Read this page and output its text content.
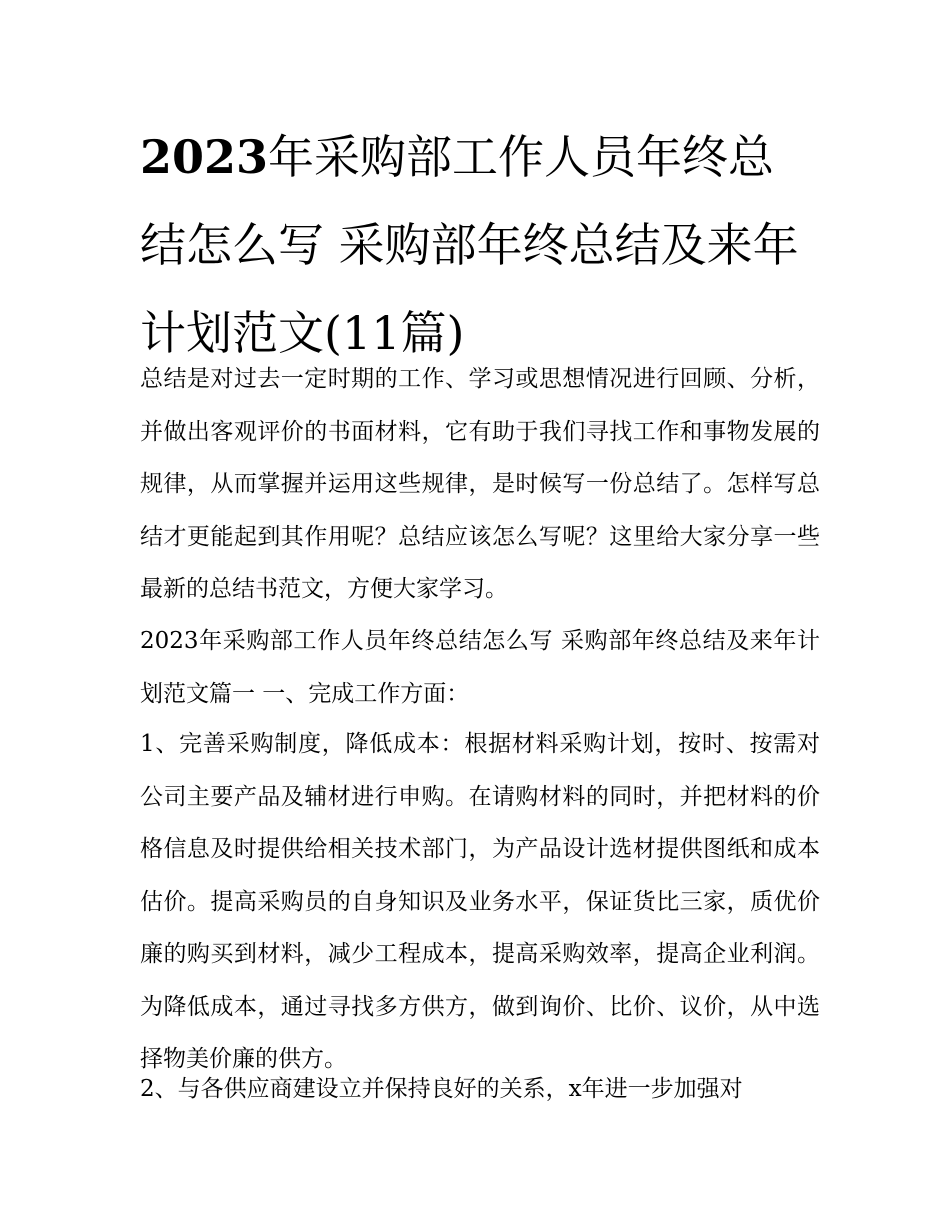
2023年采购部工作人员年终总结怎么写 采购部年终总结及来年计划范文(11篇)

总结是对过去一定时期的工作、学习或思想情况进行回顾、分析，并做出客观评价的书面材料，它有助于我们寻找工作和事物发展的规律，从而掌握并运用这些规律，是时候写一份总结了。怎样写总结才更能起到其作用呢？总结应该怎么写呢？这里给大家分享一些最新的总结书范文，方便大家学习。

2023年采购部工作人员年终总结怎么写 采购部年终总结及来年计划范文篇一 一、完成工作方面：

1、完善采购制度，降低成本：根据材料采购计划，按时、按需对公司主要产品及辅材进行申购。在请购材料的同时，并把材料的价格信息及时提供给相关技术部门，为产品设计选材提供图纸和成本估价。提高采购员的自身知识及业务水平，保证货比三家，质优价廉的购买到材料，减少工程成本，提高采购效率，提高企业利润。为降低成本，通过寻找多方供方，做到询价、比价、议价，从中选择物美价廉的供方。

2、与各供应商建设立并保持良好的关系，x年进一步加强对
